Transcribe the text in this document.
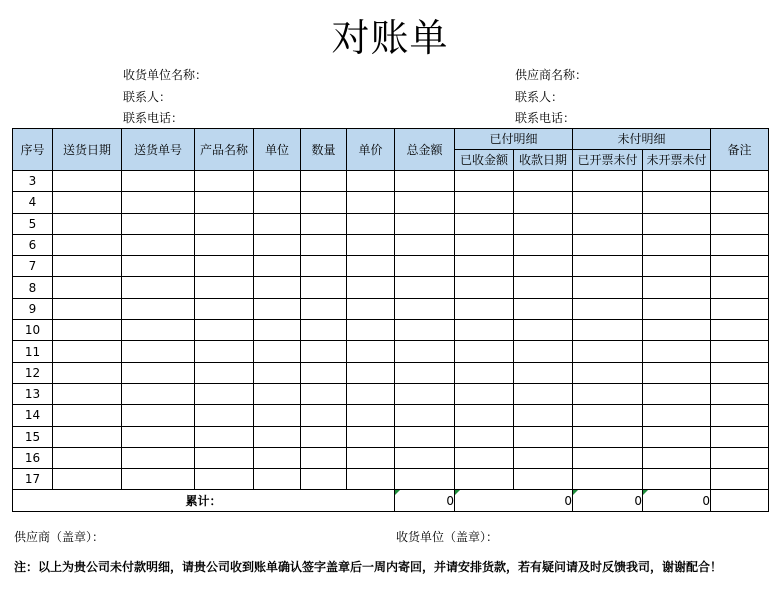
对账单
收货单位名称：
联系人：
联系电话：
供应商名称：
联系人：
联系电话：
序号	送货日期	送货单号	产品名称	单位	数量	单价	总金额	已付明细		未付明细		备注
								已收金额	收款日期	已开票未付	未开票未付	
3												
4												
5												
6												
7												
8												
9												
10												
11												
12												
13												
14												
15												
16												
17												
累计：							0	0		0	0	
供应商（盖章）：	收货单位（盖章）：
注：以上为贵公司未付款明细，请贵公司收到账单确认签字盖章后一周内寄回，并请安排货款，若有疑问请及时反馈我司，谢谢配合！
